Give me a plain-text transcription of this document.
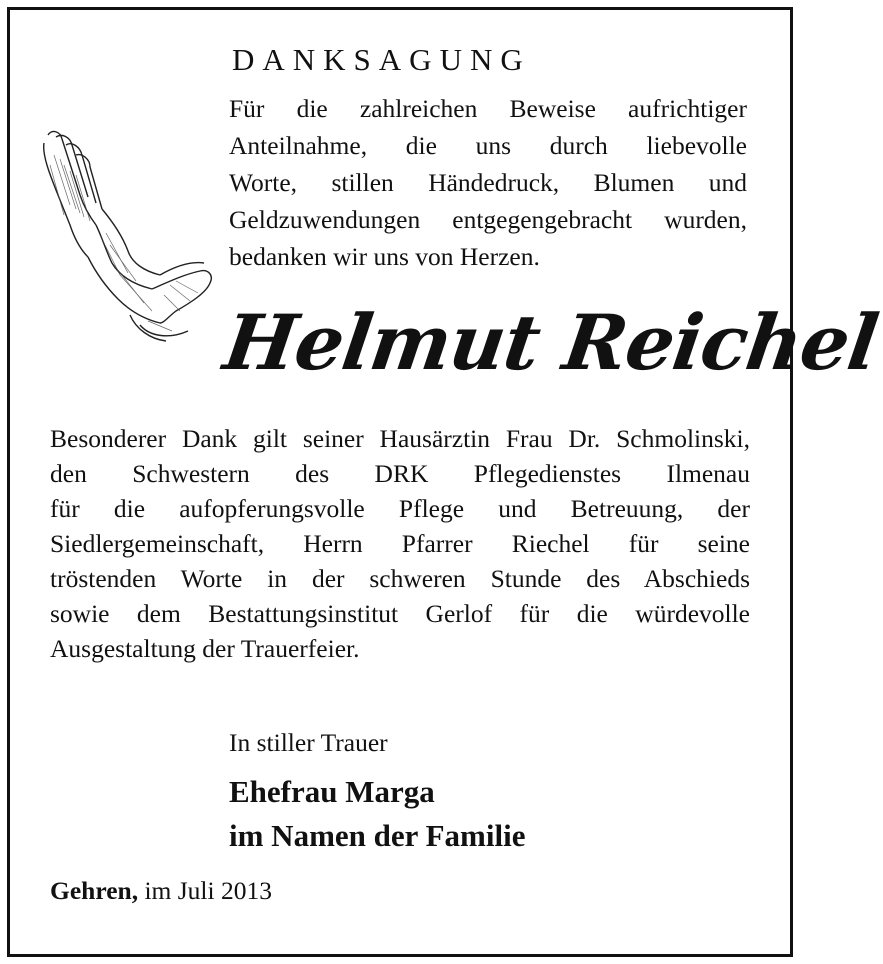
DANKSAGUNG
Für die zahlreichen Beweise aufrichtiger
Anteilnahme, die uns durch liebevolle
Worte, stillen Händedruck, Blumen und
Geldzuwendungen entgegengebracht wurden,
bedanken wir uns von Herzen.
Helmut Reichel
Besonderer Dank gilt seiner Hausärztin Frau Dr. Schmolinski,
den Schwestern des DRK Pflegedienstes Ilmenau
für die aufopferungsvolle Pflege und Betreuung, der
Siedlergemeinschaft, Herrn Pfarrer Riechel für seine
tröstenden Worte in der schweren Stunde des Abschieds
sowie dem Bestattungsinstitut Gerlof für die würdevolle
Ausgestaltung der Trauerfeier.
In stiller Trauer
Ehefrau Marga
im Namen der Familie
Gehren, im Juli 2013
